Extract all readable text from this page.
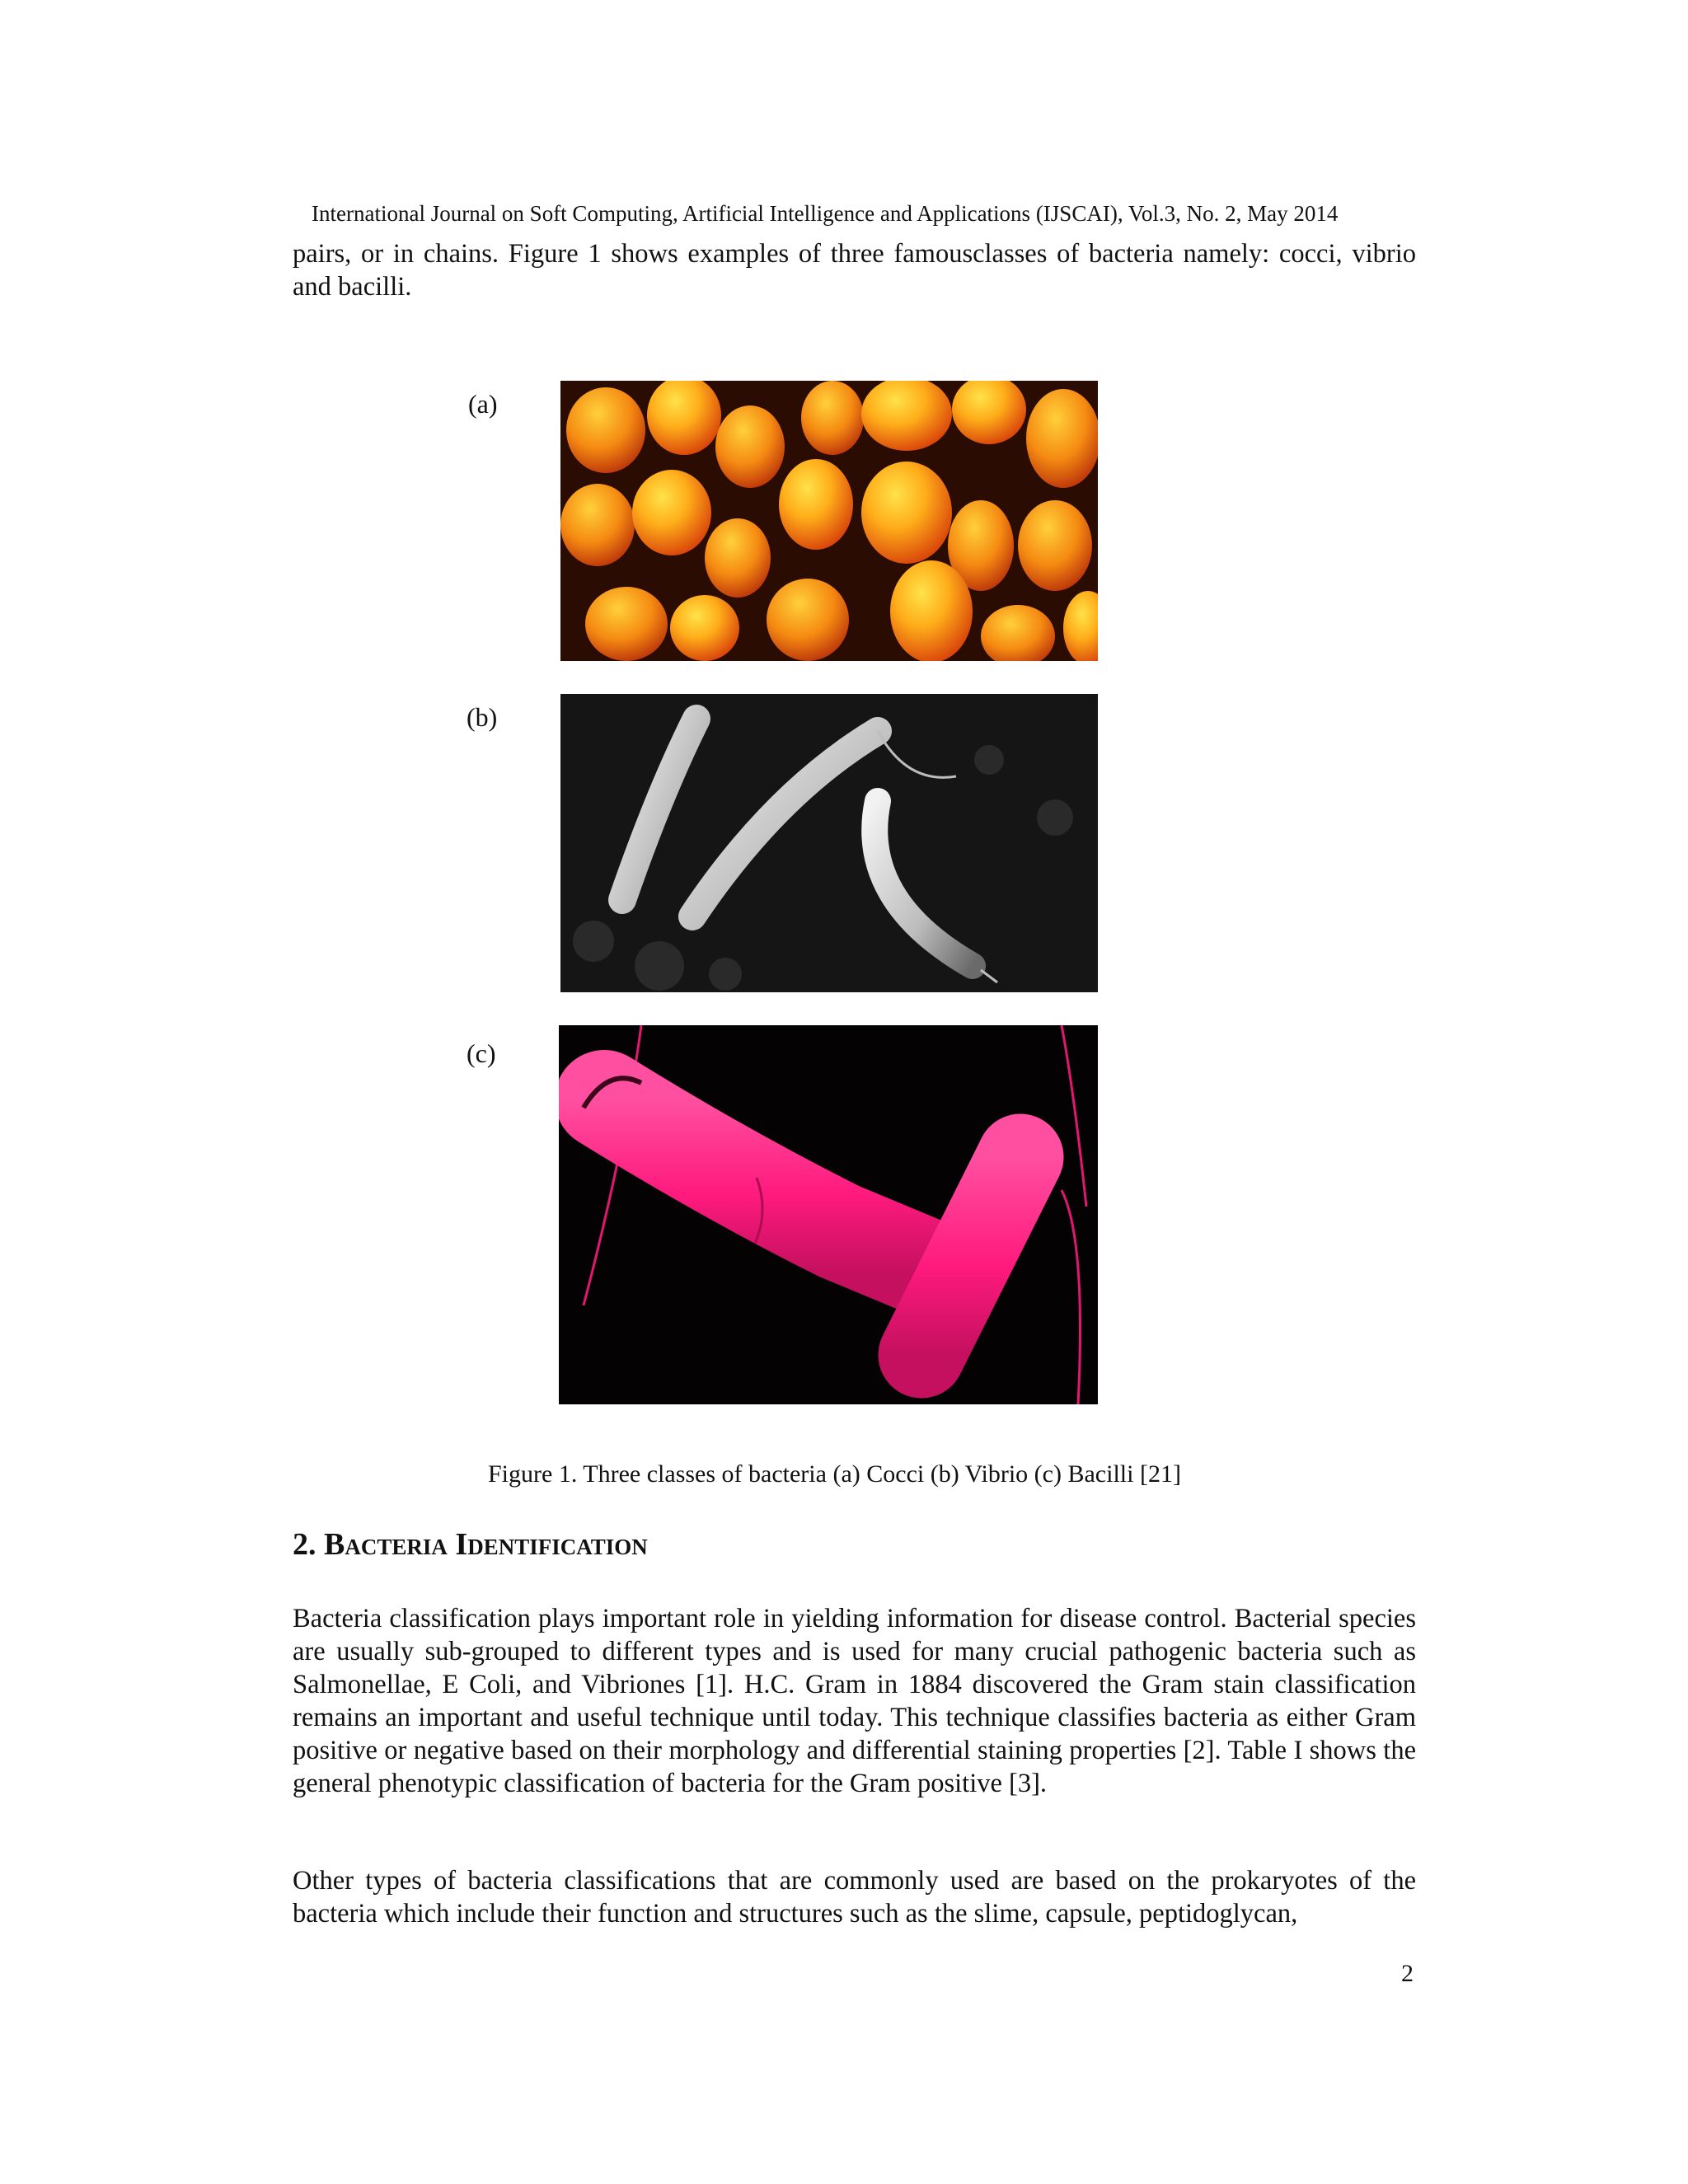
International Journal on Soft Computing, Artificial Intelligence and Applications (IJSCAI), Vol.3, No. 2, May 2014

pairs, or in chains. Figure 1 shows examples of three famousclasses of bacteria namely: cocci, vibrio and bacilli.

(a)
(b)
(c)
Figure 1. Three classes of bacteria (a) Cocci (b) Vibrio (c) Bacilli [21]
2. Bacteria Identification

Bacteria classification plays important role in yielding information for disease control. Bacterial species are usually sub-grouped to different types and is used for many crucial pathogenic bacteria such as Salmonellae, E Coli, and Vibriones [1]. H.C. Gram in 1884 discovered the Gram stain classification remains an important and useful technique until today. This technique classifies bacteria as either Gram positive or negative based on their morphology and differential staining properties [2]. Table I shows the general phenotypic classification of bacteria for the Gram positive [3].

Other types of bacteria classifications that are commonly used are based on the prokaryotes of the bacteria which include their function and structures such as the slime, capsule, peptidoglycan,

2
